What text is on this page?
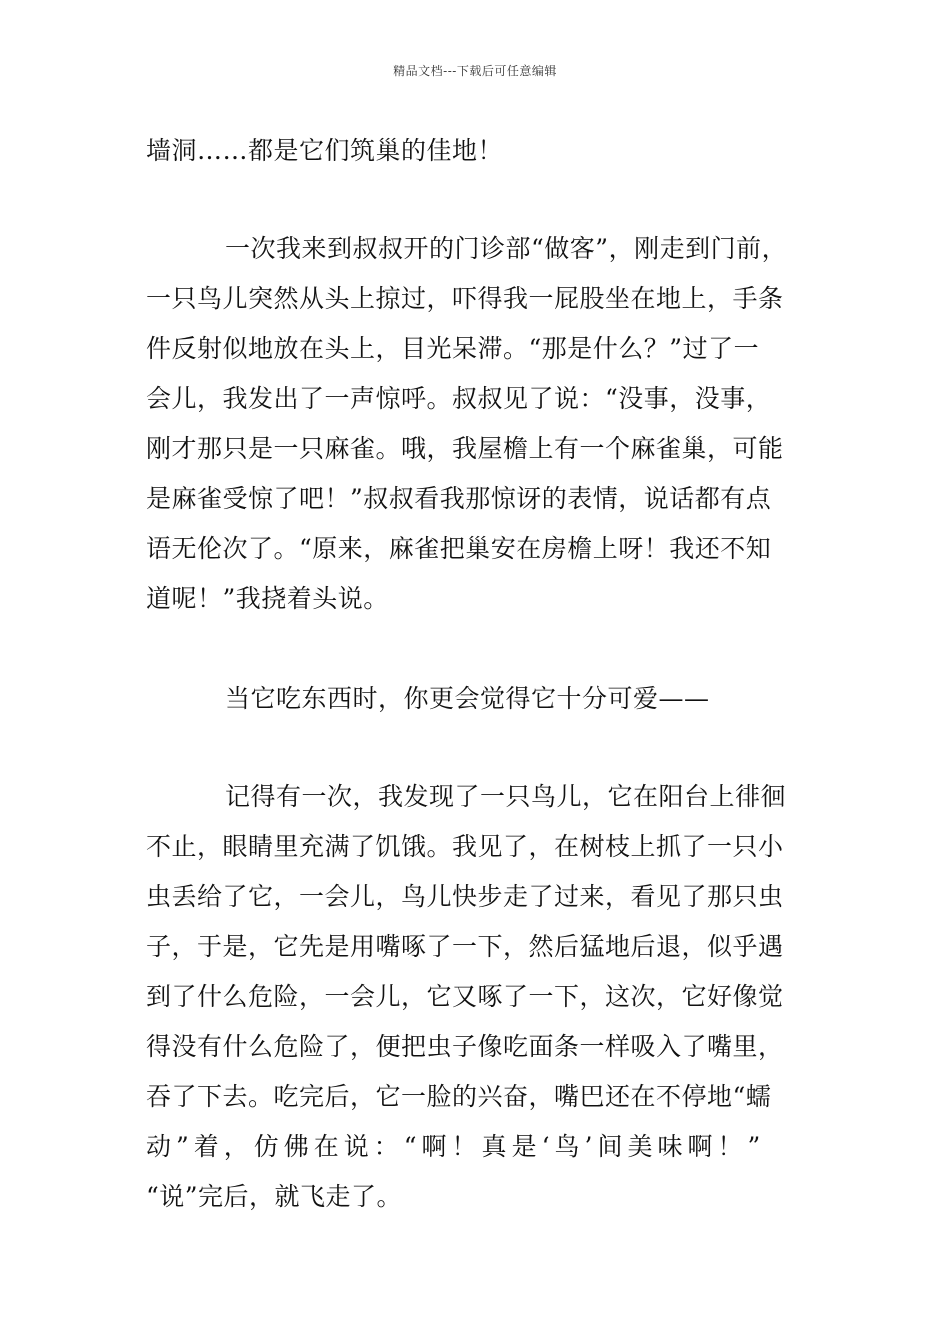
精品文档---下载后可任意编辑
墙洞……都是它们筑巢的佳地！
一次我来到叔叔开的门诊部“做客”，刚走到门前，
一只鸟儿突然从头上掠过，吓得我一屁股坐在地上，手条
件反射似地放在头上，目光呆滞。“那是什么？”过了一
会儿，我发出了一声惊呼。叔叔见了说：“没事，没事，
刚才那只是一只麻雀。哦，我屋檐上有一个麻雀巢，可能
是麻雀受惊了吧！”叔叔看我那惊讶的表情，说话都有点
语无伦次了。“原来，麻雀把巢安在房檐上呀！我还不知
道呢！”我挠着头说。
当它吃东西时，你更会觉得它十分可爱——
记得有一次，我发现了一只鸟儿，它在阳台上徘徊
不止，眼睛里充满了饥饿。我见了，在树枝上抓了一只小
虫丢给了它，一会儿，鸟儿快步走了过来，看见了那只虫
子，于是，它先是用嘴啄了一下，然后猛地后退，似乎遇
到了什么危险，一会儿，它又啄了一下，这次，它好像觉
得没有什么危险了，便把虫子像吃面条一样吸入了嘴里，
吞了下去。吃完后，它一脸的兴奋，嘴巴还在不停地“蠕
动”着，仿佛在说：“啊！真是‘鸟’间美味啊！”
“说”完后，就飞走了。
